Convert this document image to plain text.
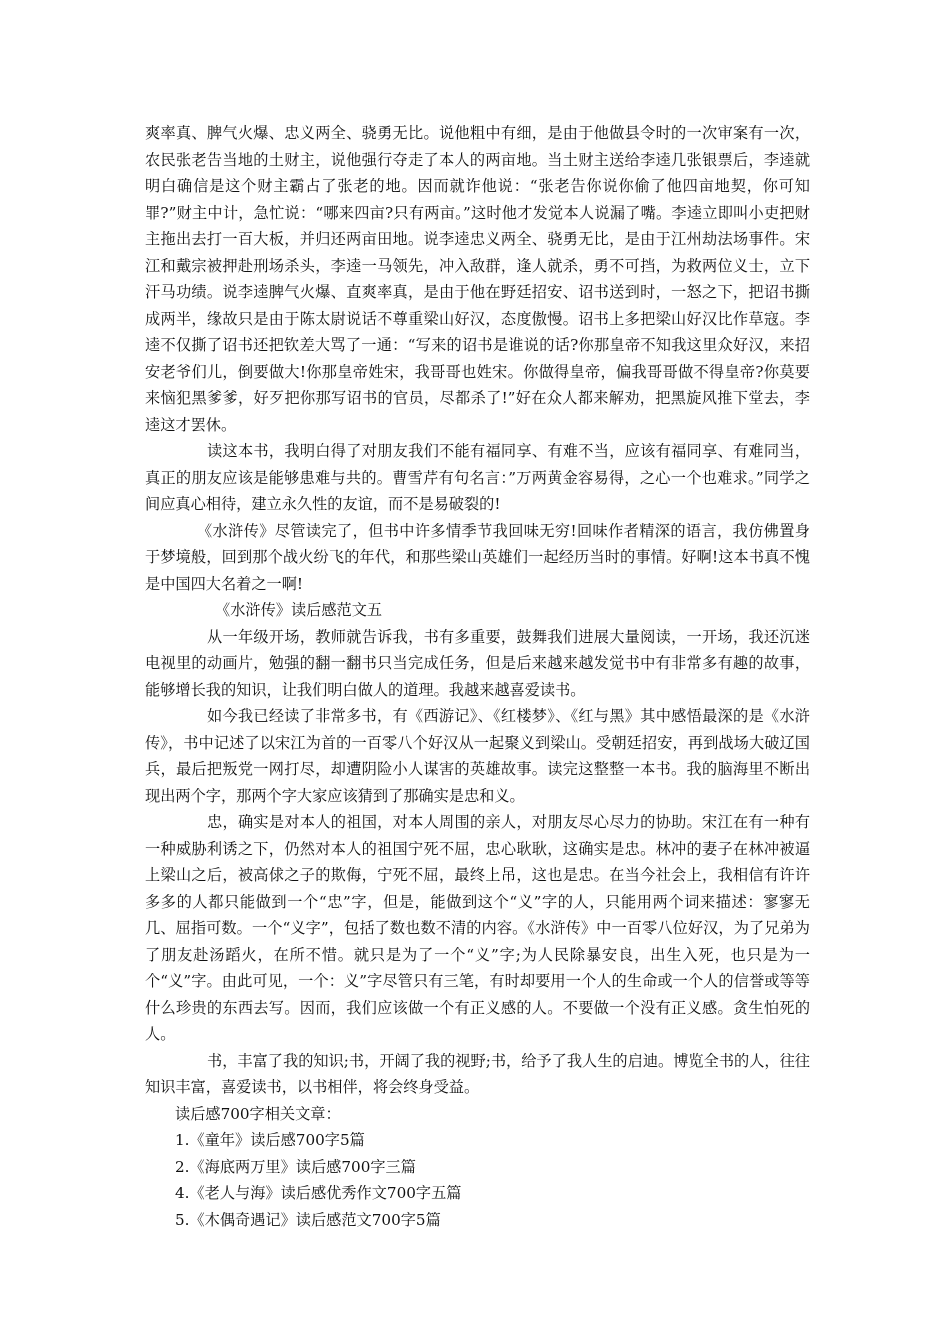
爽率真、脾气火爆、忠义两全、骁勇无比。说他粗中有细，是由于他做县令时的一次审案有一次，农民张老告当地的土财主，说他强行夺走了本人的两亩地。当土财主送给李逵几张银票后，李逵就明白确信是这个财主霸占了张老的地。因而就诈他说：“张老告你说你偷了他四亩地契，你可知罪?”财主中计，急忙说：“哪来四亩?只有两亩。”这时他才发觉本人说漏了嘴。李逵立即叫小吏把财主拖出去打一百大板，并归还两亩田地。说李逵忠义两全、骁勇无比，是由于江州劫法场事件。宋江和戴宗被押赴刑场杀头，李逵一马领先，冲入敌群，逢人就杀，勇不可挡，为救两位义士，立下汗马功绩。说李逵脾气火爆、直爽率真，是由于他在野廷招安、诏书送到时，一怒之下，把诏书撕成两半，缘故只是由于陈太尉说话不尊重梁山好汉，态度傲慢。诏书上多把梁山好汉比作草寇。李逵不仅撕了诏书还把钦差大骂了一通：“写来的诏书是谁说的话?你那皇帝不知我这里众好汉，来招安老爷们儿，倒要做大!你那皇帝姓宋，我哥哥也姓宋。你做得皇帝，偏我哥哥做不得皇帝?你莫要来恼犯黑爹爹，好歹把你那写诏书的官员，尽都杀了!”好在众人都来解劝，把黑旋风推下堂去，李逵这才罢休。

读这本书，我明白得了对朋友我们不能有福同享、有难不当，应该有福同享、有难同当，真正的朋友应该是能够患难与共的。曹雪芹有句名言：”万两黄金容易得，之心一个也难求。”同学之间应真心相待，建立永久性的友谊，而不是易破裂的!

《水浒传》尽管读完了，但书中许多情季节我回味无穷!回味作者精深的语言，我仿佛置身于梦境般，回到那个战火纷飞的年代，和那些梁山英雄们一起经历当时的事情。好啊!这本书真不愧是中国四大名着之一啊!

《水浒传》读后感范文五

从一年级开场，教师就告诉我，书有多重要，鼓舞我们进展大量阅读，一开场，我还沉迷电视里的动画片，勉强的翻一翻书只当完成任务，但是后来越来越发觉书中有非常多有趣的故事，能够增长我的知识，让我们明白做人的道理。我越来越喜爱读书。

如今我已经读了非常多书，有《西游记》、《红楼梦》、《红与黑》其中感悟最深的是《水浒传》，书中记述了以宋江为首的一百零八个好汉从一起聚义到梁山。受朝廷招安，再到战场大破辽国兵，最后把叛党一网打尽，却遭阴险小人谋害的英雄故事。读完这整整一本书。我的脑海里不断出现出两个字，那两个字大家应该猜到了那确实是忠和义。

忠，确实是对本人的祖国，对本人周围的亲人，对朋友尽心尽力的协助。宋江在有一种有一种威胁利诱之下，仍然对本人的祖国宁死不屈，忠心耿耿，这确实是忠。林冲的妻子在林冲被逼上梁山之后，被高俅之子的欺侮，宁死不屈，最终上吊，这也是忠。在当今社会上，我相信有许许多多的人都只能做到一个“忠”字，但是，能做到这个“义”字的人，只能用两个词来描述：寥寥无几、屈指可数。一个“义字”，包括了数也数不清的内容。《水浒传》中一百零八位好汉，为了兄弟为了朋友赴汤蹈火，在所不惜。就只是为了一个“义”字;为人民除暴安良，出生入死，也只是为一个“义”字。由此可见，一个：义”字尽管只有三笔，有时却要用一个人的生命或一个人的信誉或等等什么珍贵的东西去写。因而，我们应该做一个有正义感的人。不要做一个没有正义感。贪生怕死的人。

书，丰富了我的知识;书，开阔了我的视野;书，给予了我人生的启迪。博览全书的人，往往知识丰富，喜爱读书，以书相伴，将会终身受益。

读后感700字相关文章：

1.《童年》读后感700字5篇
2.《海底两万里》读后感700字三篇
4.《老人与海》读后感优秀作文700字五篇
5.《木偶奇遇记》读后感范文700字5篇
